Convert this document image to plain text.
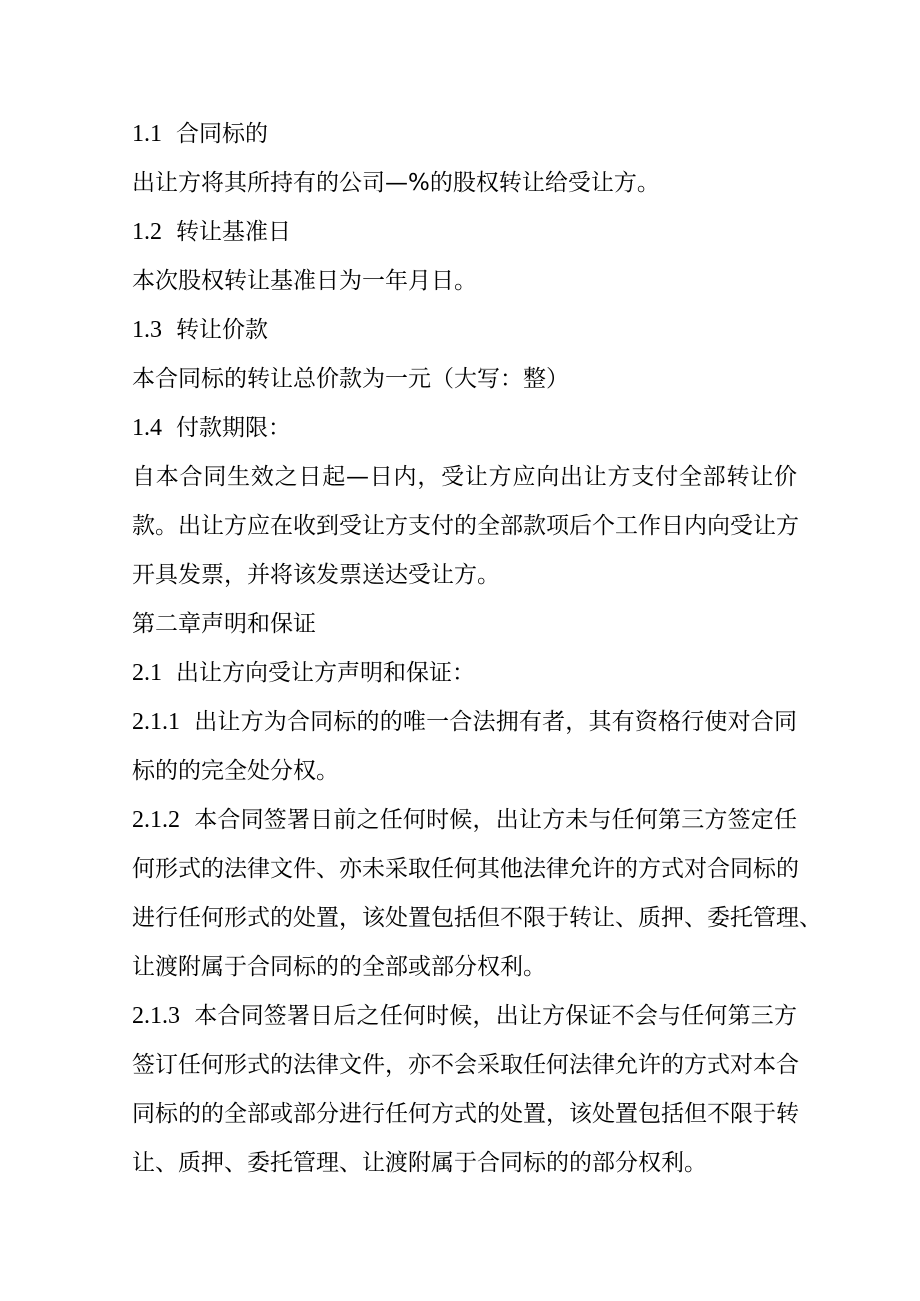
1.1 合同标的
出让方将其所持有的公司—%的股权转让给受让方。
1.2 转让基准日
本次股权转让基准日为一年月日。
1.3 转让价款
本合同标的转让总价款为一元（大写：整）
1.4 付款期限：
自本合同生效之日起—日内，受让方应向出让方支付全部转让价
款。出让方应在收到受让方支付的全部款项后个工作日内向受让方
开具发票，并将该发票送达受让方。
第二章声明和保证
2.1 出让方向受让方声明和保证：
2.1.1 出让方为合同标的的唯一合法拥有者，其有资格行使对合同
标的的完全处分权。
2.1.2 本合同签署日前之任何时候，出让方未与任何第三方签定任
何形式的法律文件、亦未采取任何其他法律允许的方式对合同标的
进行任何形式的处置，该处置包括但不限于转让、质押、委托管理、
让渡附属于合同标的的全部或部分权利。
2.1.3 本合同签署日后之任何时候，出让方保证不会与任何第三方
签订任何形式的法律文件，亦不会采取任何法律允许的方式对本合
同标的的全部或部分进行任何方式的处置，该处置包括但不限于转
让、质押、委托管理、让渡附属于合同标的的部分权利。
